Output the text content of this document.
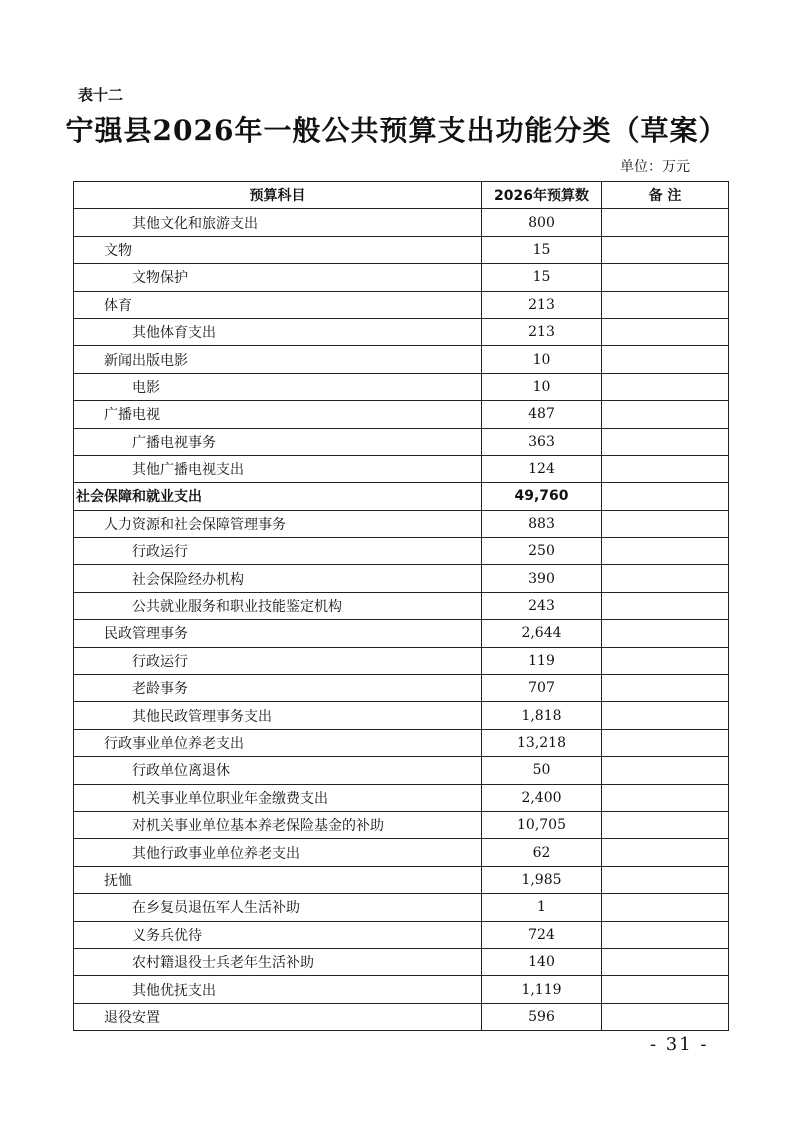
表十二
宁强县2026年一般公共预算支出功能分类（草案）
单位：万元
预算科目	2026年预算数	备 注
其他文化和旅游支出	800	
文物	15	
文物保护	15	
体育	213	
其他体育支出	213	
新闻出版电影	10	
电影	10	
广播电视	487	
广播电视事务	363	
其他广播电视支出	124	
社会保障和就业支出	49,760	
人力资源和社会保障管理事务	883	
行政运行	250	
社会保险经办机构	390	
公共就业服务和职业技能鉴定机构	243	
民政管理事务	2,644	
行政运行	119	
老龄事务	707	
其他民政管理事务支出	1,818	
行政事业单位养老支出	13,218	
行政单位离退休	50	
机关事业单位职业年金缴费支出	2,400	
对机关事业单位基本养老保险基金的补助	10,705	
其他行政事业单位养老支出	62	
抚恤	1,985	
在乡复员退伍军人生活补助	1	
义务兵优待	724	
农村籍退役士兵老年生活补助	140	
其他优抚支出	1,119	
退役安置	596	
- 31 -
